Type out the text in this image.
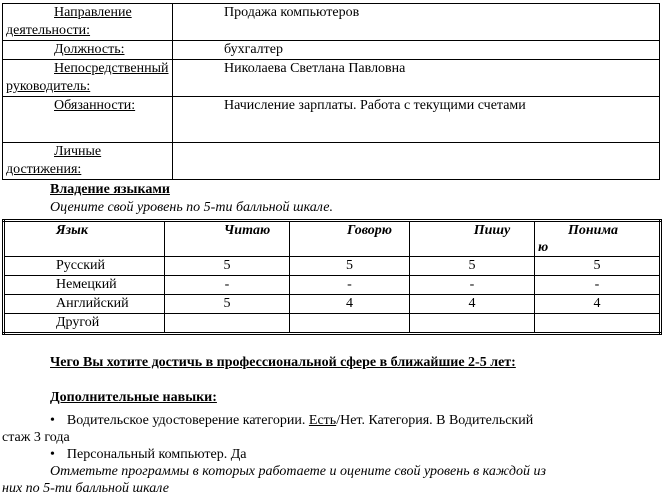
Направление деятельности:	Продажа компьютеров

Должность:	бухгалтер

Непосредственный руководитель:	Николаева Светлана Павловна

Обязанности:	Начисление зарплаты. Работа с текущими счетами

Личные достижения:	

Владение языками
Оцените свой уровень по 5-ти балльной шкале.
Язык	Читаю	Говорю	Пишу	Понимаю
Русский	5	5	5	5
Немецкий	-	-	-	-
Английский	5	4	4	4
Другой				
Чего Вы хотите достичь в профессиональной сфере в ближайшие 2-5 лет:
Дополнительные навыки:
• Водительское удостоверение категории. Есть/Нет. Категория. В Водительский
стаж 3 года
• Персональный компьютер. Да
Отметьте программы в которых работаете и оцените свой уровень в каждой из
них по 5-ти балльной шкале
